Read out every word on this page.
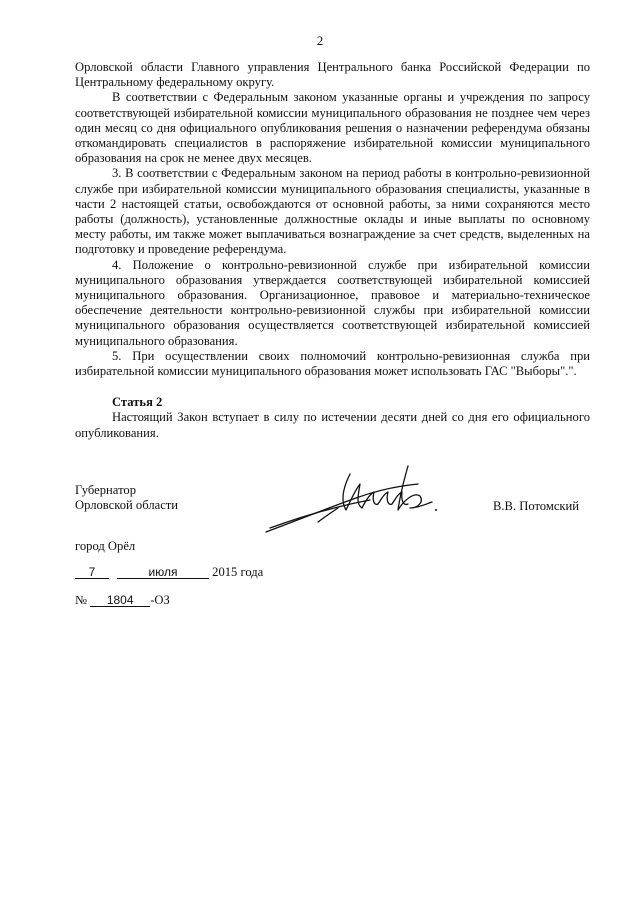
2

Орловской области Главного управления Центрального банка Российской Федерации по Центральному федеральному округу.

В соответствии с Федеральным законом указанные органы и учреждения по запросу соответствующей избирательной комиссии муниципального образования не позднее чем через один месяц со дня официального опубликования решения о назначении референдума обязаны откомандировать специалистов в распоряжение избирательной комиссии муниципального образования на срок не менее двух месяцев.

3. В соответствии с Федеральным законом на период работы в контрольно-ревизионной службе при избирательной комиссии муниципального образования специалисты, указанные в части 2 настоящей статьи, освобождаются от основной работы, за ними сохраняются место работы (должность), установленные должностные оклады и иные выплаты по основному месту работы, им также может выплачиваться вознаграждение за счет средств, выделенных на подготовку и проведение референдума.

4. Положение о контрольно-ревизионной службе при избирательной комиссии муниципального образования утверждается соответствующей избирательной комиссией муниципального образования. Организационное, правовое и материально-техническое обеспечение деятельности контрольно-ревизионной службы при избирательной комиссии муниципального образования осуществляется соответствующей избирательной комиссией муниципального образования.

5. При осуществлении своих полномочий контрольно-ревизионная служба при избирательной комиссии муниципального образования может использовать ГАС "Выборы".".

Статья 2

Настоящий Закон вступает в силу по истечении десяти дней со дня его официального опубликования.

Губернатор
Орловской области	В.В. Потомский
город Орёл
7	июля	2015 года
№ 1804 -ОЗ
